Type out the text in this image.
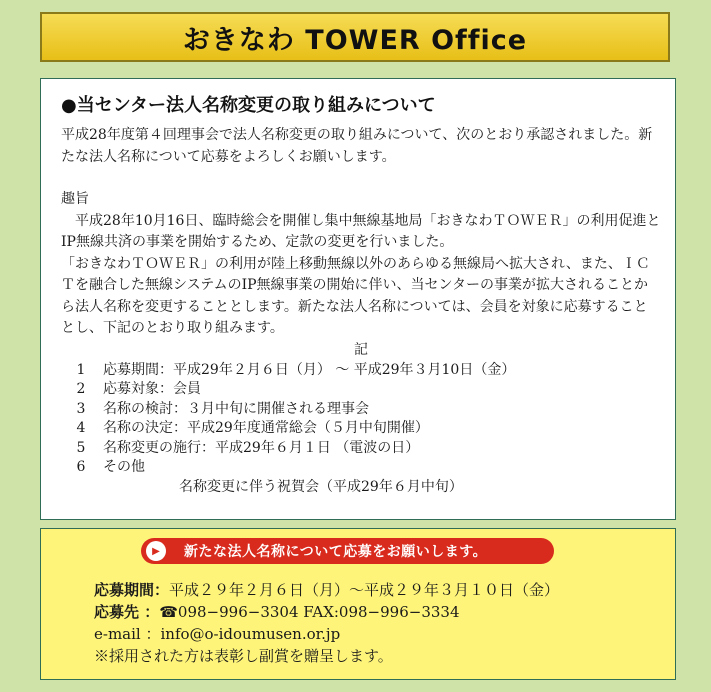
おきなわ TOWER Office
●当センター法人名称変更の取り組みについて

平成28年度第４回理事会で法人名称変更の取り組みについて、次のとおり承認されました。新たな法人名称について応募をよろしくお願いします。

趣旨

平成28年10月16日、臨時総会を開催し集中無線基地局「おきなわＴＯＷＥＲ」の利用促進とIP無線共済の事業を開始するため、定款の変更を行いました。

「おきなわＴＯＷＥＲ」の利用が陸上移動無線以外のあらゆる無線局へ拡大され、また、ＩＣＴを融合した無線システムのIP無線事業の開始に伴い、当センターの事業が拡大されることから法人名称を変更することとします。新たな法人名称については、会員を対象に応募することとし、下記のとおり取り組みます。

記
1	応募期間：平成29年２月６日（月） 〜 平成29年３月10日（金）
2	応募対象：会員
3	名称の検討：３月中旬に開催される理事会
4	名称の決定：平成29年度通常総会（５月中旬開催）
5	名称変更の施行：平成29年６月１日 （電波の日）
6	その他
名称変更に伴う祝賀会（平成29年６月中旬）
▶	新たな法人名称について応募をお願いします。
応募期間：平成２９年２月６日（月）〜平成２９年３月１０日（金）
応募先 ：☎098−996−3304 FAX:098−996−3334
e-mail ：info@o-idoumusen.or.jp
※採用された方は表彰し副賞を贈呈します。
